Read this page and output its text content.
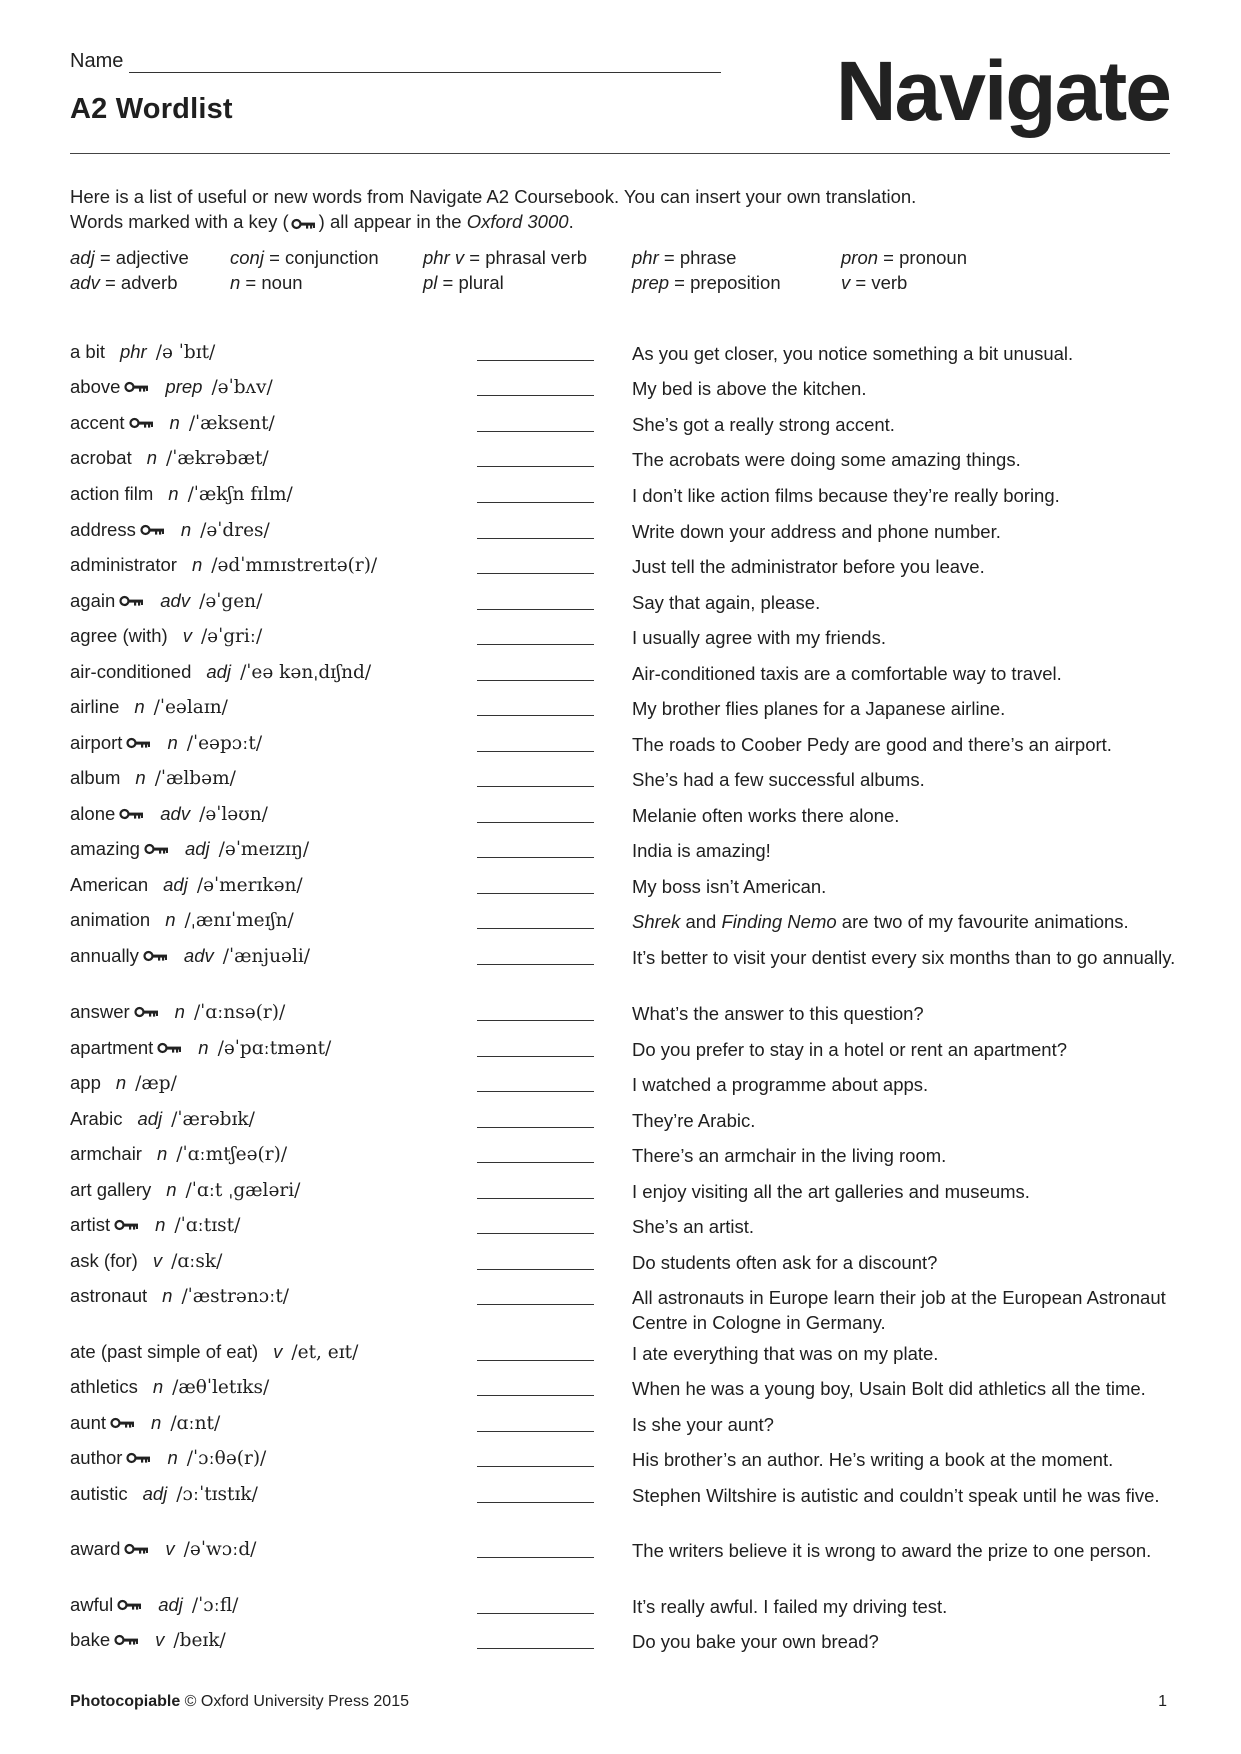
Name
A2 Wordlist	Navigate
Here is a list of useful or new words from Navigate A2 Coursebook. You can insert your own translation.
Words marked with a key ( ) all appear in the Oxford 3000.
adj = adjective
adv = adverb
conj = conjunction
n = noun
phr v = phrasal verb
pl = plural
phr = phrase
prep = preposition
pron = pronoun
v = verb
a bit phr /ə ˈbɪt/	As you get closer, you notice something a bit unusual.
above prep /əˈbʌv/	My bed is above the kitchen.
accent n /ˈæksent/	She’s got a really strong accent.
acrobat n /ˈækrəbæt/	The acrobats were doing some amazing things.
action film n /ˈækʃn fɪlm/	I don’t like action films because they’re really boring.
address n /əˈdres/	Write down your address and phone number.
administrator n /ədˈmɪnɪstreɪtə(r)/	Just tell the administrator before you leave.
again adv /əˈgen/	Say that again, please.
agree (with) v /əˈgriː/	I usually agree with my friends.
air-conditioned adj /ˈeə kənˌdɪʃnd/	Air-conditioned taxis are a comfortable way to travel.
airline n /ˈeəlaɪn/	My brother flies planes for a Japanese airline.
airport n /ˈeəpɔːt/	The roads to Coober Pedy are good and there’s an airport.
album n /ˈælbəm/	She’s had a few successful albums.
alone adv /əˈləʊn/	Melanie often works there alone.
amazing adj /əˈmeɪzɪŋ/	India is amazing!
American adj /əˈmerɪkən/	My boss isn’t American.
animation n /ˌænɪˈmeɪʃn/	Shrek and Finding Nemo are two of my favourite animations.
annually adv /ˈænjuəli/	It’s better to visit your dentist every six months than to go annually.
answer n /ˈɑːnsə(r)/	What’s the answer to this question?
apartment n /əˈpɑːtmənt/	Do you prefer to stay in a hotel or rent an apartment?
app n /æp/	I watched a programme about apps.
Arabic adj /ˈærəbɪk/	They’re Arabic.
armchair n /ˈɑːmtʃeə(r)/	There’s an armchair in the living room.
art gallery n /ˈɑːt ˌgæləri/	I enjoy visiting all the art galleries and museums.
artist n /ˈɑːtɪst/	She’s an artist.
ask (for) v /ɑːsk/	Do students often ask for a discount?
astronaut n /ˈæstrənɔːt/	All astronauts in Europe learn their job at the European Astronaut Centre in Cologne in Germany.
ate (past simple of eat) v /et, eɪt/	I ate everything that was on my plate.
athletics n /æθˈletɪks/	When he was a young boy, Usain Bolt did athletics all the time.
aunt n /ɑːnt/	Is she your aunt?
author n /ˈɔːθə(r)/	His brother’s an author. He’s writing a book at the moment.
autistic adj /ɔːˈtɪstɪk/	Stephen Wiltshire is autistic and couldn’t speak until he was five.
award v /əˈwɔːd/	The writers believe it is wrong to award the prize to one person.
awful adj /ˈɔːfl/	It’s really awful. I failed my driving test.
bake v /beɪk/	Do you bake your own bread?
Photocopiable © Oxford University Press 2015	1
